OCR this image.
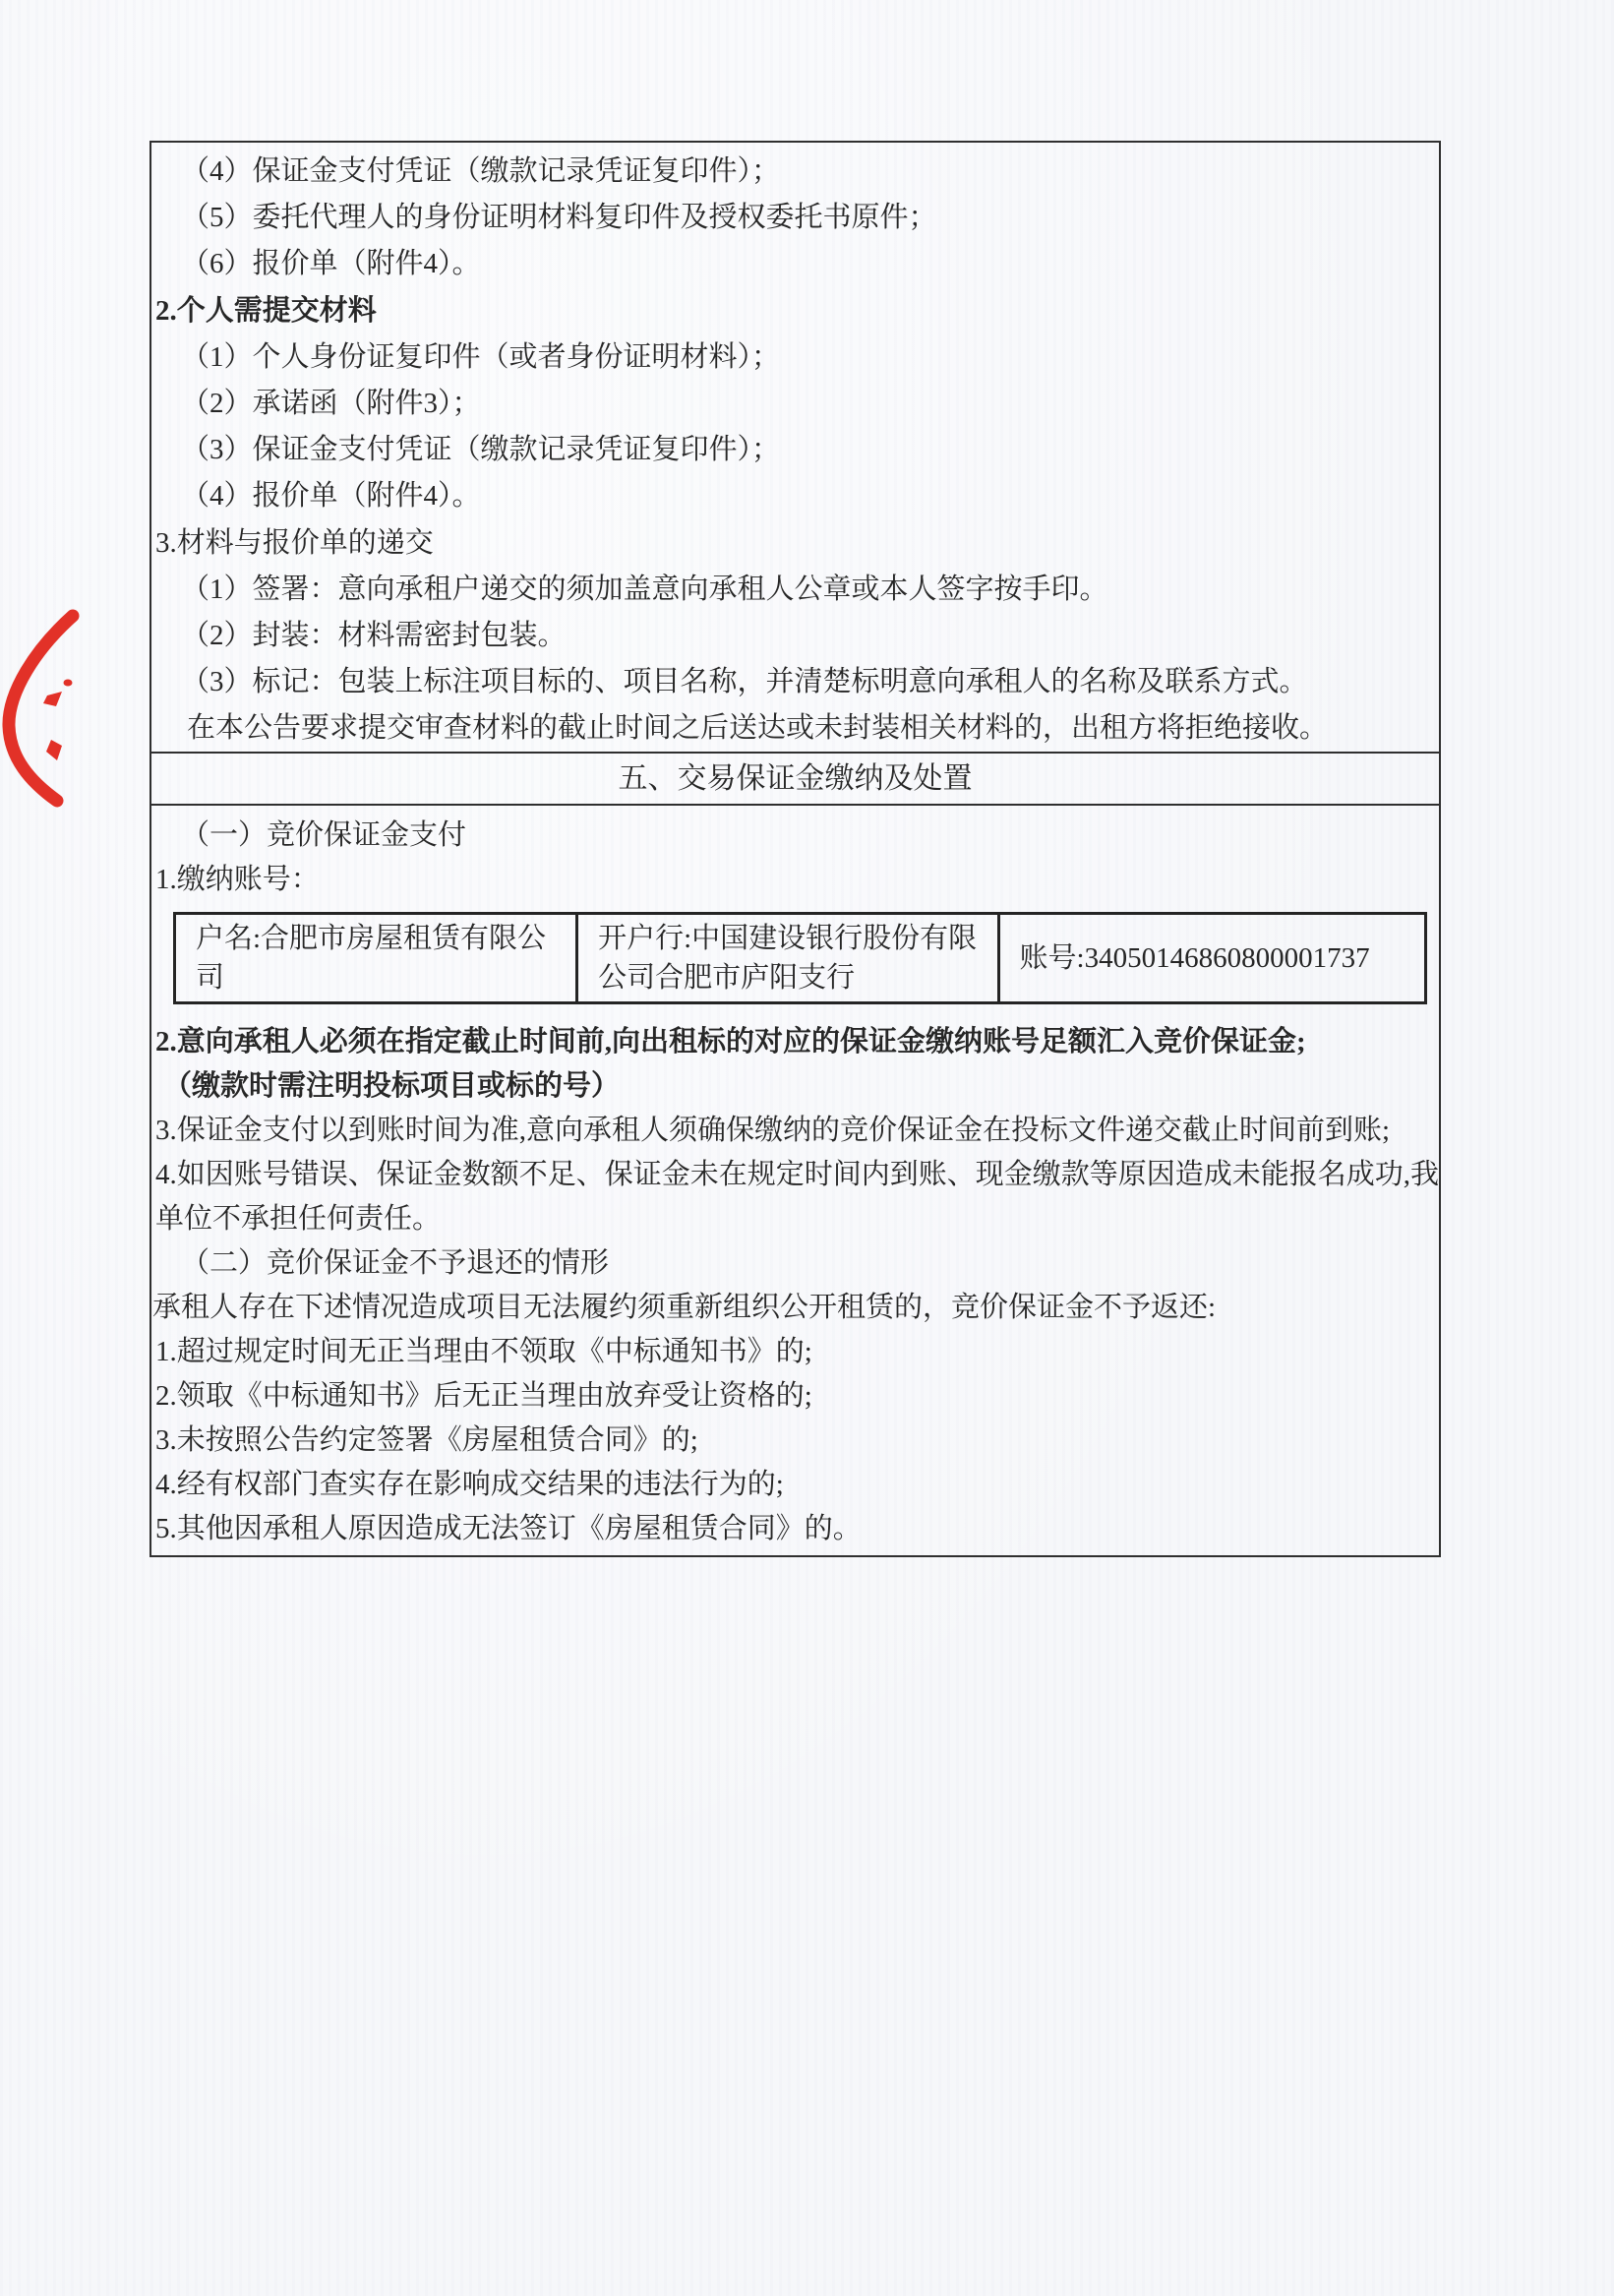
（4）保证金支付凭证（缴款记录凭证复印件）；

（5）委托代理人的身份证明材料复印件及授权委托书原件；

（6）报价单（附件4）。

2.个人需提交材料

（1）个人身份证复印件（或者身份证明材料）；

（2）承诺函（附件3）；

（3）保证金支付凭证（缴款记录凭证复印件）；

（4）报价单（附件4）。

3.材料与报价单的递交

（1）签署：意向承租户递交的须加盖意向承租人公章或本人签字按手印。

（2）封装：材料需密封包装。

（3）标记：包装上标注项目标的、项目名称，并清楚标明意向承租人的名称及联系方式。

在本公告要求提交审查材料的截止时间之后送达或未封装相关材料的，出租方将拒绝接收。

五、交易保证金缴纳及处置

（一）竞价保证金支付

1.缴纳账号：

户名:合肥市房屋租赁有限公司
开户行:中国建设银行股份有限公司合肥市庐阳支行
账号:34050146860800001737

2.意向承租人必须在指定截止时间前,向出租标的对应的保证金缴纳账号足额汇入竞价保证金;

（缴款时需注明投标项目或标的号）

3.保证金支付以到账时间为准,意向承租人须确保缴纳的竞价保证金在投标文件递交截止时间前到账;

4.如因账号错误、保证金数额不足、保证金未在规定时间内到账、现金缴款等原因造成未能报名成功,我单位不承担任何责任。

（二）竞价保证金不予退还的情形

承租人存在下述情况造成项目无法履约须重新组织公开租赁的，竞价保证金不予返还:

1.超过规定时间无正当理由不领取《中标通知书》的;

2.领取《中标通知书》后无正当理由放弃受让资格的;

3.未按照公告约定签署《房屋租赁合同》的;

4.经有权部门查实存在影响成交结果的违法行为的;

5.其他因承租人原因造成无法签订《房屋租赁合同》的。
